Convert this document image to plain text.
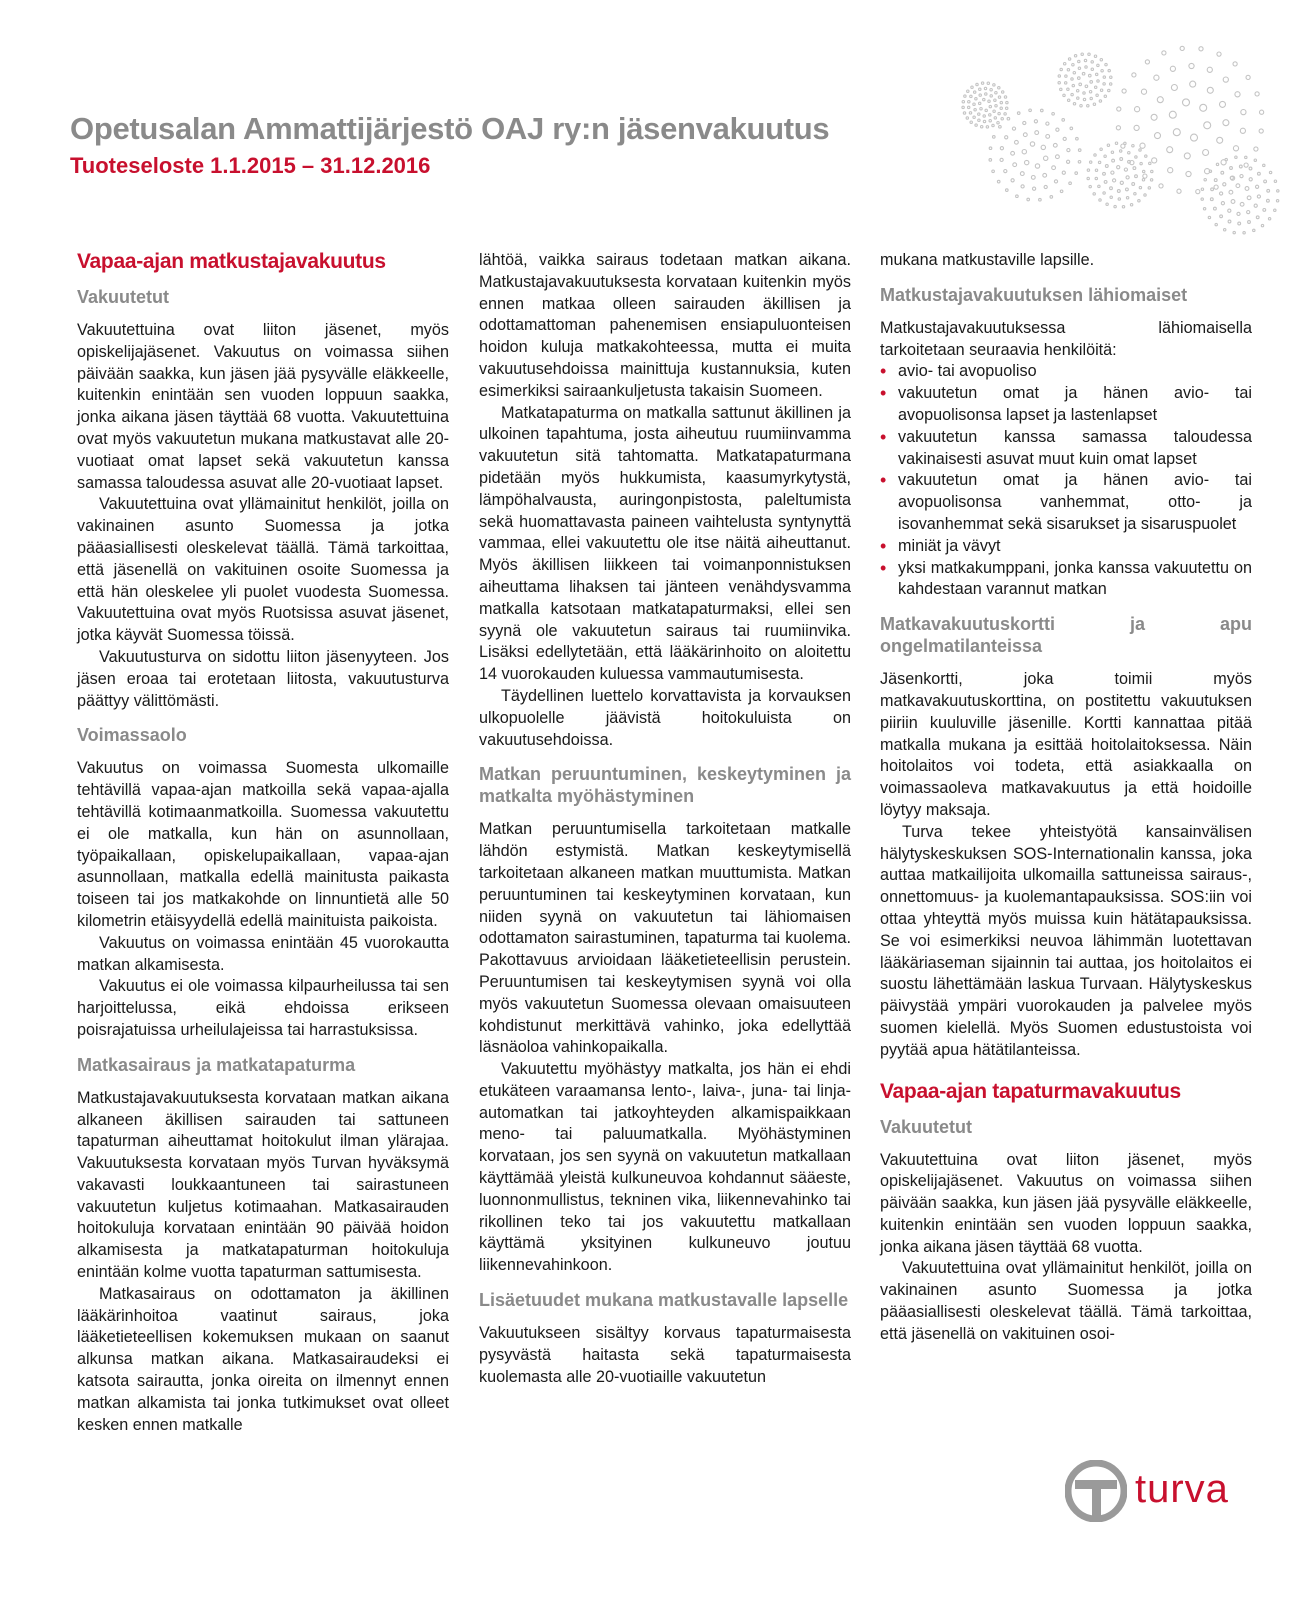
Opetusalan Ammattijärjestö OAJ ry:n jäsenvakuutus
Tuoteseloste 1.1.2015 – 31.12.2016
Vapaa-ajan matkustajavakuutus
Vakuutetut

Vakuutettuina ovat liiton jäsenet, myös opiskelijajäsenet. Vakuutus on voimassa siihen päivään saakka, kun jäsen jää pysyvälle eläkkeelle, kuitenkin enintään sen vuoden loppuun saakka, jonka aikana jäsen täyttää 68 vuotta. Vakuutettuina ovat myös vakuutetun mukana matkustavat alle 20-vuotiaat omat lapset sekä vakuutetun kanssa samassa taloudessa asuvat alle 20-vuotiaat lapset.

Vakuutettuina ovat yllämainitut henkilöt, joilla on vakinainen asunto Suomessa ja jotka pääasiallisesti oleskelevat täällä. Tämä tarkoittaa, että jäsenellä on vakituinen osoite Suomessa ja että hän oleskelee yli puolet vuodesta Suomessa. Vakuutettuina ovat myös Ruotsissa asuvat jäsenet, jotka käyvät Suomessa töissä.

Vakuutusturva on sidottu liiton jäsenyyteen. Jos jäsen eroaa tai erotetaan liitosta, vakuutusturva päättyy välittömästi.

Voimassaolo

Vakuutus on voimassa Suomesta ulkomaille tehtävillä vapaa-ajan matkoilla sekä vapaa-ajalla tehtävillä kotimaanmatkoilla. Suomessa vakuutettu ei ole matkalla, kun hän on asunnollaan, työpaikallaan, opiskelupaikallaan, vapaa-ajan asunnollaan, matkalla edellä mainitusta paikasta toiseen tai jos matkakohde on linnuntietä alle 50 kilometrin etäisyydellä edellä mainituista paikoista.

Vakuutus on voimassa enintään 45 vuorokautta matkan alkamisesta.

Vakuutus ei ole voimassa kilpaurheilussa tai sen harjoittelussa, eikä ehdoissa erikseen poisrajatuissa urheilulajeissa tai harrastuksissa.

Matkasairaus ja matkatapaturma

Matkustajavakuutuksesta korvataan matkan aikana alkaneen äkillisen sairauden tai sattuneen tapaturman aiheuttamat hoitokulut ilman ylärajaa. Vakuutuksesta korvataan myös Turvan hyväksymä vakavasti loukkaantuneen tai sairastuneen vakuutetun kuljetus kotimaahan. Matkasairauden hoitokuluja korvataan enintään 90 päivää hoidon alkamisesta ja matkatapaturman hoitokuluja enintään kolme vuotta tapaturman sattumisesta.

Matkasairaus on odottamaton ja äkillinen lääkärinhoitoa vaatinut sairaus, joka lääketieteellisen kokemuksen mukaan on saanut alkunsa matkan aikana. Matkasairaudeksi ei katsota sairautta, jonka oireita on ilmennyt ennen matkan alkamista tai jonka tutkimukset ovat olleet kesken ennen matkalle

lähtöä, vaikka sairaus todetaan matkan aikana. Matkustajavakuutuksesta korvataan kuitenkin myös ennen matkaa olleen sairauden äkillisen ja odottamattoman pahenemisen ensiapuluonteisen hoidon kuluja matkakohteessa, mutta ei muita vakuutusehdoissa mainittuja kustannuksia, kuten esimerkiksi sairaankuljetusta takaisin Suomeen.

Matkatapaturma on matkalla sattunut äkillinen ja ulkoinen tapahtuma, josta aiheutuu ruumiinvamma vakuutetun sitä tahtomatta. Matkatapaturmana pidetään myös hukkumista, kaasumyrkytystä, lämpöhalvausta, auringonpistosta, paleltumista sekä huomattavasta paineen vaihtelusta syntynyttä vammaa, ellei vakuutettu ole itse näitä aiheuttanut. Myös äkillisen liikkeen tai voimanponnistuksen aiheuttama lihaksen tai jänteen venähdysvamma matkalla katsotaan matkatapaturmaksi, ellei sen syynä ole vakuutetun sairaus tai ruumiinvika. Lisäksi edellytetään, että lääkärinhoito on aloitettu 14 vuorokauden kuluessa vammautumisesta.

Täydellinen luettelo korvattavista ja korvauksen ulkopuolelle jäävistä hoitokuluista on vakuutusehdoissa.

Matkan peruuntuminen, keskeytyminen ja matkalta myöhästyminen

Matkan peruuntumisella tarkoitetaan matkalle lähdön estymistä. Matkan keskeytymisellä tarkoitetaan alkaneen matkan muuttumista. Matkan peruuntuminen tai keskeytyminen korvataan, kun niiden syynä on vakuutetun tai lähiomaisen odottamaton sairastuminen, tapaturma tai kuolema. Pakottavuus arvioidaan lääketieteellisin perustein. Peruuntumisen tai keskeytymisen syynä voi olla myös vakuutetun Suomessa olevaan omaisuuteen kohdistunut merkittävä vahinko, joka edellyttää läsnäoloa vahinkopaikalla.

Vakuutettu myöhästyy matkalta, jos hän ei ehdi etukäteen varaamansa lento-, laiva-, juna- tai linja-automatkan tai jatkoyhteyden alkamispaikkaan meno- tai paluumatkalla. Myöhästyminen korvataan, jos sen syynä on vakuutetun matkallaan käyttämää yleistä kulkuneuvoa kohdannut sääeste, luonnonmullistus, tekninen vika, liikennevahinko tai rikollinen teko tai jos vakuutettu matkallaan käyttämä yksityinen kulkuneuvo joutuu liikennevahinkoon.

Lisäetuudet mukana matkustavalle lapselle

Vakuutukseen sisältyy korvaus tapaturmaisesta pysyvästä haitasta sekä tapaturmaisesta kuolemasta alle 20-vuotiaille vakuutetun

mukana matkustaville lapsille.

Matkustajavakuutuksen lähiomaiset

Matkustajavakuutuksessa lähiomaisella tarkoitetaan seuraavia henkilöitä:

• avio- tai avopuoliso
• vakuutetun omat ja hänen avio- tai avopuolisonsa lapset ja lastenlapset
• vakuutetun kanssa samassa taloudessa vakinaisesti asuvat muut kuin omat lapset
• vakuutetun omat ja hänen avio- tai avopuolisonsa vanhemmat, otto- ja isovanhemmat sekä sisarukset ja sisaruspuolet
• miniät ja vävyt
• yksi matkakumppani, jonka kanssa vakuutettu on kahdestaan varannut matkan
Matkavakuutuskortti ja apu ongelmatilanteissa

Jäsenkortti, joka toimii myös matkavakuutuskorttina, on postitettu vakuutuksen piiriin kuuluville jäsenille. Kortti kannattaa pitää matkalla mukana ja esittää hoitolaitoksessa. Näin hoitolaitos voi todeta, että asiakkaalla on voimassaoleva matkavakuutus ja että hoidoille löytyy maksaja.

Turva tekee yhteistyötä kansainvälisen hälytyskeskuksen SOS-Internationalin kanssa, joka auttaa matkailijoita ulkomailla sattuneissa sairaus-, onnettomuus- ja kuolemantapauksissa. SOS:iin voi ottaa yhteyttä myös muissa kuin hätätapauksissa. Se voi esimerkiksi neuvoa lähimmän luotettavan lääkäriaseman sijainnin tai auttaa, jos hoitolaitos ei suostu lähettämään laskua Turvaan. Hälytyskeskus päivystää ympäri vuorokauden ja palvelee myös suomen kielellä. Myös Suomen edustustoista voi pyytää apua hätätilanteissa.

Vapaa-ajan tapaturmavakuutus
Vakuutetut

Vakuutettuina ovat liiton jäsenet, myös opiskelijajäsenet. Vakuutus on voimassa siihen päivään saakka, kun jäsen jää pysyvälle eläkkeelle, kuitenkin enintään sen vuoden loppuun saakka, jonka aikana jäsen täyttää 68 vuotta.

Vakuutettuina ovat yllämainitut henkilöt, joilla on vakinainen asunto Suomessa ja jotka pääasiallisesti oleskelevat täällä. Tämä tarkoittaa, että jäsenellä on vakituinen osoi-

turva
